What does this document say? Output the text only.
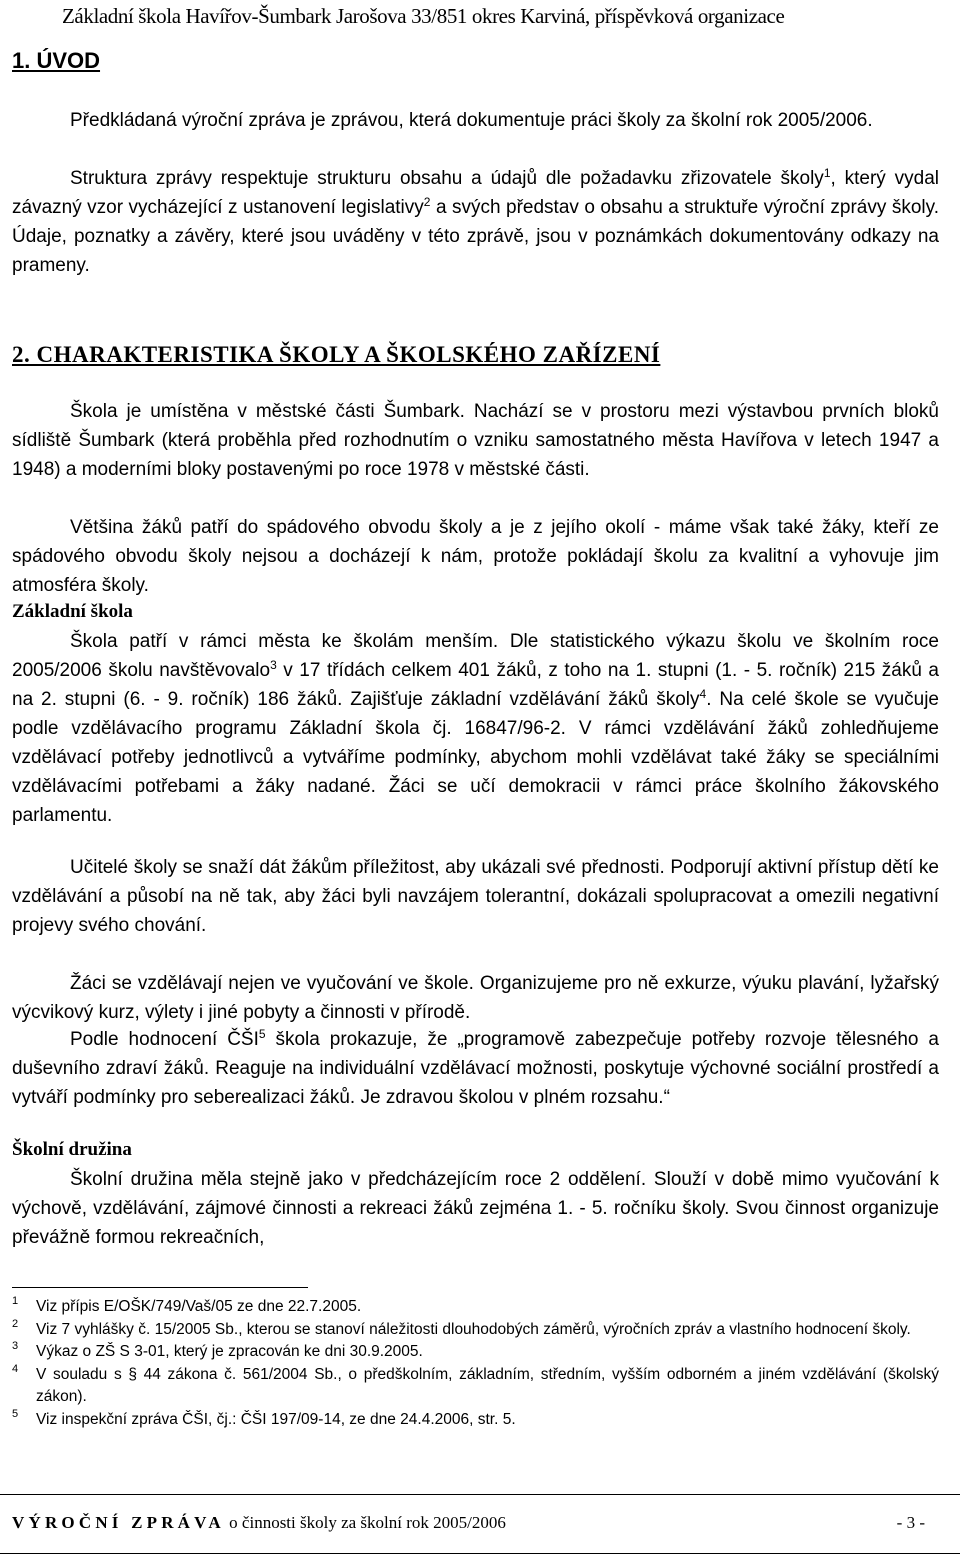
Základní škola Havířov-Šumbark Jarošova 33/851 okres Karviná, příspěvková organizace
1. ÚVOD

Předkládaná výroční zpráva je zprávou, která dokumentuje práci školy za školní rok 2005/2006.

Struktura zprávy respektuje strukturu obsahu a údajů dle požadavku zřizovatele školy$^1$, který vydal závazný vzor vycházející z ustanovení legislativy$^2$ a svých představ o obsahu a struktuře výroční zprávy školy. Údaje, poznatky a závěry, které jsou uváděny v této zprávě, jsou v poznámkách dokumentovány odkazy na prameny.

2. CHARAKTERISTIKA ŠKOLY A ŠKOLSKÉHO ZAŘÍZENÍ

Škola je umístěna v městské části Šumbark. Nachází se v prostoru mezi výstavbou prvních bloků sídliště Šumbark (která proběhla před rozhodnutím o vzniku samostatného města Havířova v letech 1947 a 1948) a moderními bloky postavenými po roce 1978 v městské části.

Většina žáků patří do spádového obvodu školy a je z jejího okolí - máme však také žáky, kteří ze spádového obvodu školy nejsou a docházejí k nám, protože pokládají školu za kvalitní a vyhovuje jim atmosféra školy.

Základní škola

Škola patří v rámci města ke školám menším. Dle statistického výkazu školu ve školním roce 2005/2006 školu navštěvovalo$^3$ v 17 třídách celkem 401 žáků, z toho na 1. stupni (1. - 5. ročník) 215 žáků a na 2. stupni (6. - 9. ročník) 186 žáků. Zajišťuje základní vzdělávání žáků školy$^4$. Na celé škole se vyučuje podle vzdělávacího programu Základní škola čj. 16847/96-2. V rámci vzdělávání žáků zohledňujeme vzdělávací potřeby jednotlivců a vytváříme podmínky, abychom mohli vzdělávat také žáky se speciálními vzdělávacími potřebami a žáky nadané. Žáci se učí demokracii v rámci práce školního žákovského parlamentu.

Učitelé školy se snaží dát žákům příležitost, aby ukázali své přednosti. Podporují aktivní přístup dětí ke vzdělávání a působí na ně tak, aby žáci byli navzájem tolerantní, dokázali spolupracovat a omezili negativní projevy svého chování.

Žáci se vzdělávají nejen ve vyučování ve škole. Organizujeme pro ně exkurze, výuku plavání, lyžařský výcvikový kurz, výlety i jiné pobyty a činnosti v přírodě.

Podle hodnocení ČŠI$^5$ škola prokazuje, že „programově zabezpečuje potřeby rozvoje tělesného a duševního zdraví žáků. Reaguje na individuální vzdělávací možnosti, poskytuje výchovné sociální prostředí a vytváří podmínky pro seberealizaci žáků. Je zdravou školou v plném rozsahu.“

Školní družina

Školní družina měla stejně jako v předcházejícím roce 2 oddělení. Slouží v době mimo vyučování k výchově, vzdělávání, zájmové činnosti a rekreaci žáků zejména 1. - 5. ročníku školy. Svou činnost organizuje převážně formou rekreačních,

1 Viz přípis E/OŠK/749/Vaš/05 ze dne 22.7.2005.
2 Viz 7 vyhlášky č. 15/2005 Sb., kterou se stanoví náležitosti dlouhodobých záměrů, výročních zpráv a vlastního hodnocení školy.
3 Výkaz o ZŠ S 3-01, který je zpracován ke dni 30.9.2005.
4 V souladu s § 44 zákona č. 561/2004 Sb., o předškolním, základním, středním, vyšším odborném a jiném vzdělávání (školský zákon).
5 Viz inspekční zpráva ČŠI, čj.: ČŠI 197/09-14, ze dne 24.4.2006, str. 5.
VÝROČNÍ ZPRÁVA o činnosti školy za školní rok 2005/2006	- 3 -
